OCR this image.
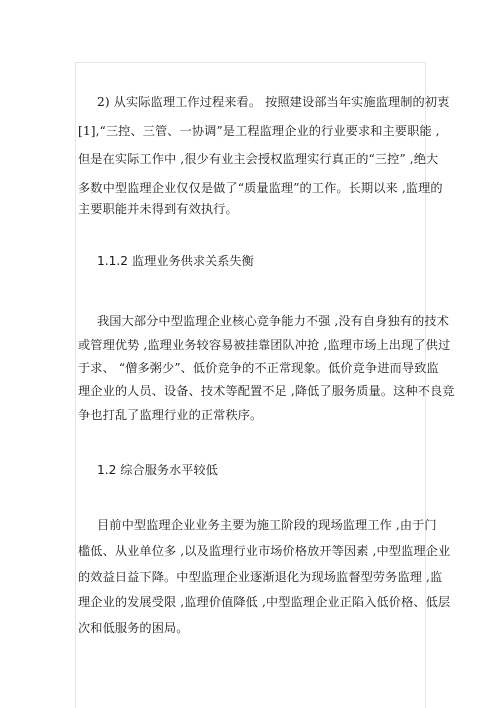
2) 从实际监理工作过程来看。 按照建设部当年实施监理制的初衷
[1],“三控、三管、一协调”是工程监理企业的行业要求和主要职能 ,
但是在实际工作中 ,很少有业主会授权监理实行真正的“三控” ,绝大
多数中型监理企业仅仅是做了“质量监理”的工作。长期以来 ,监理的
主要职能并未得到有效执行。
1.1.2 监理业务供求关系失衡
我国大部分中型监理企业核心竞争能力不强 ,没有自身独有的技术
或管理优势 ,监理业务较容易被挂靠团队冲抢 ,监理市场上出现了供过
于求、 “僧多粥少”、低价竞争的不正常现象。低价竞争进而导致监
理企业的人员、设备、技术等配置不足 ,降低了服务质量。这种不良竞
争也打乱了监理行业的正常秩序。
1.2 综合服务水平较低
目前中型监理企业业务主要为施工阶段的现场监理工作 ,由于门
槛低、从业单位多 ,以及监理行业市场价格放开等因素 ,中型监理企业
的效益日益下降。中型监理企业逐渐退化为现场监督型劳务监理 ,监
理企业的发展受限 ,监理价值降低 ,中型监理企业正陷入低价格、低层
次和低服务的困局。
